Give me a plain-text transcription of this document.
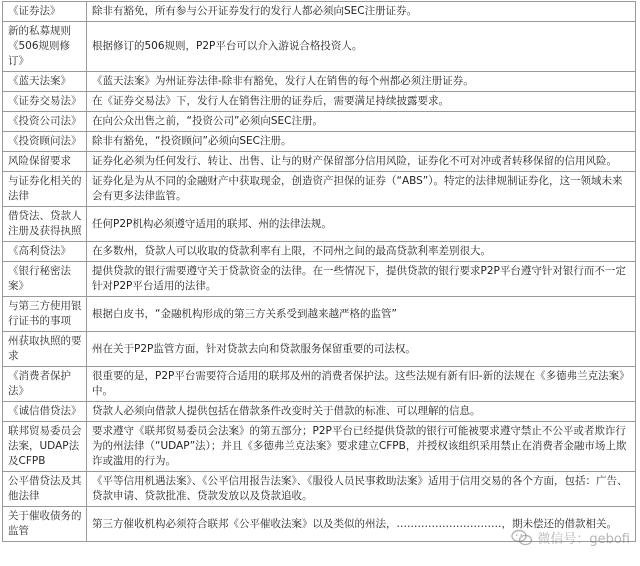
《证券法》	除非有豁免，所有参与公开证券发行的发行人都必须向SEC注册证券。
新的私募规则《506规则修订》	根据修订的506规则，P2P平台可以介入游说合格投资人。
《蓝天法案》	《蓝天法案》为州证券法律-除非有豁免，发行人在销售的每个州都必须注册证券。
《证券交易法》	在《证券交易法》下，发行人在销售注册的证券后，需要满足持续披露要求。
《投资公司法》	在向公众出售之前，“投资公司”必须向SEC注册。
《投资顾问法》	除非有豁免，“投资顾问”必须向SEC注册。
风险保留要求	证券化必须为任何发行、转让、出售、让与的财产保留部分信用风险，证券化不可对冲或者转移保留的信用风险。
与证券化相关的法律	证券化是为从不同的金融财产中获取现金，创造资产担保的证券（“ABS”）。特定的法律规制证券化，这一领域未来会有更多法律监管。
借贷法、贷款人注册及获得执照	任何P2P机构必须遵守适用的联邦、州的法律法规。
《高利贷法》	在多数州，贷款人可以收取的贷款利率有上限，不同州之间的最高贷款利率差别很大。
《银行秘密法案》	提供贷款的银行需要遵守关于贷款资金的法律。在一些情况下，提供贷款的银行要求P2P平台遵守针对银行而不一定针对P2P平台适用的法律。
与第三方使用银行证书的事项	根据白皮书，“金融机构形成的第三方关系受到越来越严格的监管”
州获取执照的要求	州在关于P2P监管方面，针对贷款去向和贷款服务保留重要的司法权。
《消费者保护法》	很重要的是，P2P平台需要符合适用的联邦及州的消费者保护法。这些法规有新有旧-新的法规在《多德弗兰克法案》中。
《诚信借贷法》	贷款人必须向借款人提供包括在借款条件改变时关于借款的标准、可以理解的信息。
联邦贸易委员会法案，UDAP法及CFPB	要求遵守《联邦贸易委员会法案》的第五部分；P2P平台已经提供贷款的银行可能被要求遵守禁止不公平或者欺诈行为的州法律（“UDAP”法）；并且《多德弗兰克法案》要求建立CFPB，并授权该组织采用禁止在消费者金融市场上欺诈或滥用的行为。
公平借贷法及其他法律	《平等信用机遇法案》、《公平信用报告法案》、《服役人员民事救助法案》适用于信用交易的各个方面，包括：广告、贷款申请、贷款批准、贷款发放以及贷款追收。
关于催收债务的监管	第三方催收机构必须符合联邦《公平催收法案》以及类似的州法，…………………………，期未偿还的借款相关。
微信号：gebofi
